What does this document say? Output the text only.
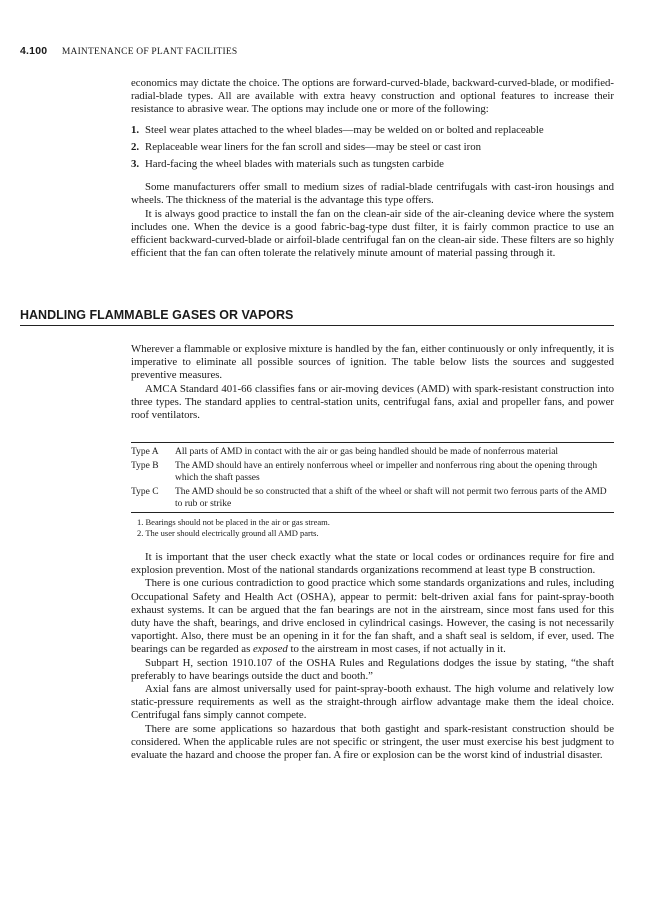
4.100 MAINTENANCE OF PLANT FACILITIES

economics may dictate the choice. The options are forward-curved-blade, backward-curved-blade, or modified-radial-blade types. All are available with extra heavy construction and optional features to increase their resistance to abrasive wear. The options may include one or more of the following:

1. Steel wear plates attached to the wheel blades—may be welded on or bolted and replaceable
2. Replaceable wear liners for the fan scroll and sides—may be steel or cast iron
3. Hard-facing the wheel blades with materials such as tungsten carbide

Some manufacturers offer small to medium sizes of radial-blade centrifugals with cast-iron housings and wheels. The thickness of the material is the advantage this type offers.

It is always good practice to install the fan on the clean-air side of the air-cleaning device where the system includes one. When the device is a good fabric-bag-type dust filter, it is fairly common practice to use an efficient backward-curved-blade or airfoil-blade centrifugal fan on the clean-air side. These filters are so highly efficient that the fan can often tolerate the relatively minute amount of material passing through it.

HANDLING FLAMMABLE GASES OR VAPORS

Wherever a flammable or explosive mixture is handled by the fan, either continuously or only infrequently, it is imperative to eliminate all possible sources of ignition. The table below lists the sources and suggested preventive measures.

AMCA Standard 401-66 classifies fans or air-moving devices (AMD) with spark-resistant construction into three types. The standard applies to central-station units, centrifugal fans, axial and propeller fans, and power roof ventilators.

Type A	All parts of AMD in contact with the air or gas being handled should be made of nonferrous material
Type B	The AMD should have an entirely nonferrous wheel or impeller and nonferrous ring about the opening through which the shaft passes
Type C	The AMD should be so constructed that a shift of the wheel or shaft will not permit two ferrous parts of the AMD to rub or strike
1. Bearings should not be placed in the air or gas stream.
2. The user should electrically ground all AMD parts.

It is important that the user check exactly what the state or local codes or ordinances require for fire and explosion prevention. Most of the national standards organizations recommend at least type B construction.

There is one curious contradiction to good practice which some standards organizations and rules, including Occupational Safety and Health Act (OSHA), appear to permit: belt-driven axial fans for paint-spray-booth exhaust systems. It can be argued that the fan bearings are not in the airstream, since most fans used for this duty have the shaft, bearings, and drive enclosed in cylindrical casings. However, the casing is not necessarily vaportight. Also, there must be an opening in it for the fan shaft, and a shaft seal is seldom, if ever, used. The bearings can be regarded as exposed to the airstream in most cases, if not actually in it.

Subpart H, section 1910.107 of the OSHA Rules and Regulations dodges the issue by stating, “the shaft preferably to have bearings outside the duct and booth.”

Axial fans are almost universally used for paint-spray-booth exhaust. The high volume and relatively low static-pressure requirements as well as the straight-through airflow advantage make them the ideal choice. Centrifugal fans simply cannot compete.

There are some applications so hazardous that both gastight and spark-resistant construction should be considered. When the applicable rules are not specific or stringent, the user must exercise his best judgment to evaluate the hazard and choose the proper fan. A fire or explosion can be the worst kind of industrial disaster.
